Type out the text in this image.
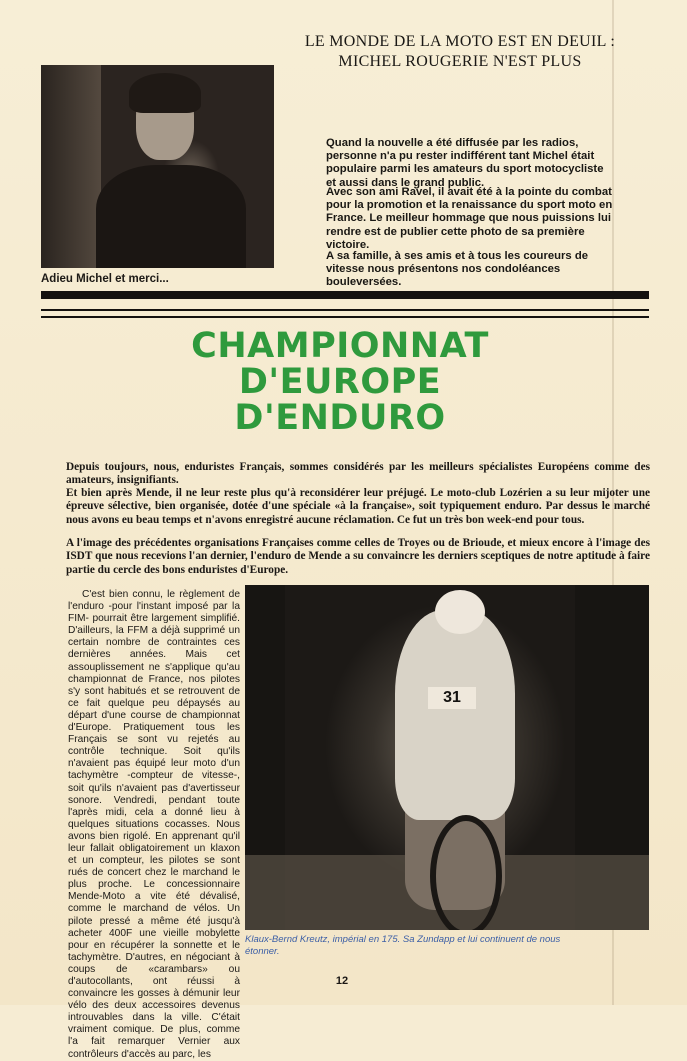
Adieu Michel et merci...
LE MONDE DE LA MOTO EST EN DEUIL : MICHEL ROUGERIE N'EST PLUS
Quand la nouvelle a été diffusée par les radios, personne n'a pu rester indifférent tant Michel était populaire parmi les amateurs du sport motocycliste et aussi dans le grand public.
Avec son ami Ravel, il avait été à la pointe du combat pour la promotion et la renaissance du sport moto en France. Le meilleur hommage que nous puissions lui rendre est de publier cette photo de sa première victoire.
A sa famille, à ses amis et à tous les coureurs de vitesse nous présentons nos condoléances bouleversées.
CHAMPIONNAT
D'EUROPE
D'ENDURO
Depuis toujours, nous, enduristes Français, sommes considérés par les meilleurs spécialistes Européens comme des amateurs, insignifiants.
Et bien après Mende, il ne leur reste plus qu'à reconsidérer leur préjugé. Le moto-club Lozérien a su leur mijoter une épreuve sélective, bien organisée, dotée d'une spéciale «à la française», soit typiquement enduro. Par dessus le marché nous avons eu beau temps et n'avons enregistré aucune réclamation. Ce fut un très bon week-end pour tous.
A l'image des précédentes organisations Françaises comme celles de Troyes ou de Brioude, et mieux encore à l'image des ISDT que nous recevions l'an dernier, l'enduro de Mende a su convaincre les derniers sceptiques de notre aptitude à faire partie du cercle des bons enduristes d'Europe.
C'est bien connu, le règlement de l'enduro -pour l'instant imposé par la FIM- pourrait être largement simplifié. D'ailleurs, la FFM a déjà supprimé un certain nombre de contraintes ces dernières années. Mais cet assouplissement ne s'applique qu'au championnat de France, nos pilotes s'y sont habitués et se retrouvent de ce fait quelque peu dépaysés au départ d'une course de championnat d'Europe. Pratiquement tous les Français se sont vu rejetés au contrôle technique. Soit qu'ils n'avaient pas équipé leur moto d'un tachymètre -compteur de vitesse-, soit qu'ils n'avaient pas d'avertisseur sonore. Vendredi, pendant toute l'après midi, cela a donné lieu à quelques situations cocasses. Nous avons bien rigolé. En apprenant qu'il leur fallait obligatoirement un klaxon et un compteur, les pilotes se sont rués de concert chez le marchand le plus proche. Le concessionnaire Mende-Moto a vite été dévalisé, comme le marchand de vélos. Un pilote pressé a même été jusqu'à acheter 400F une vieille mobylette pour en récupérer la sonnette et le tachymètre. D'autres, en négociant à coups de «carambars» ou d'autocollants, ont réussi à convaincre les gosses à démunir leur vélo des deux accessoires devenus introuvables dans la ville. C'était vraiment comique. De plus, comme l'a fait remarquer Vernier aux contrôleurs d'accès au parc, les
31
Klaux-Bernd Kreutz, impérial en 175. Sa Zundapp et lui continuent de nous étonner.
12
